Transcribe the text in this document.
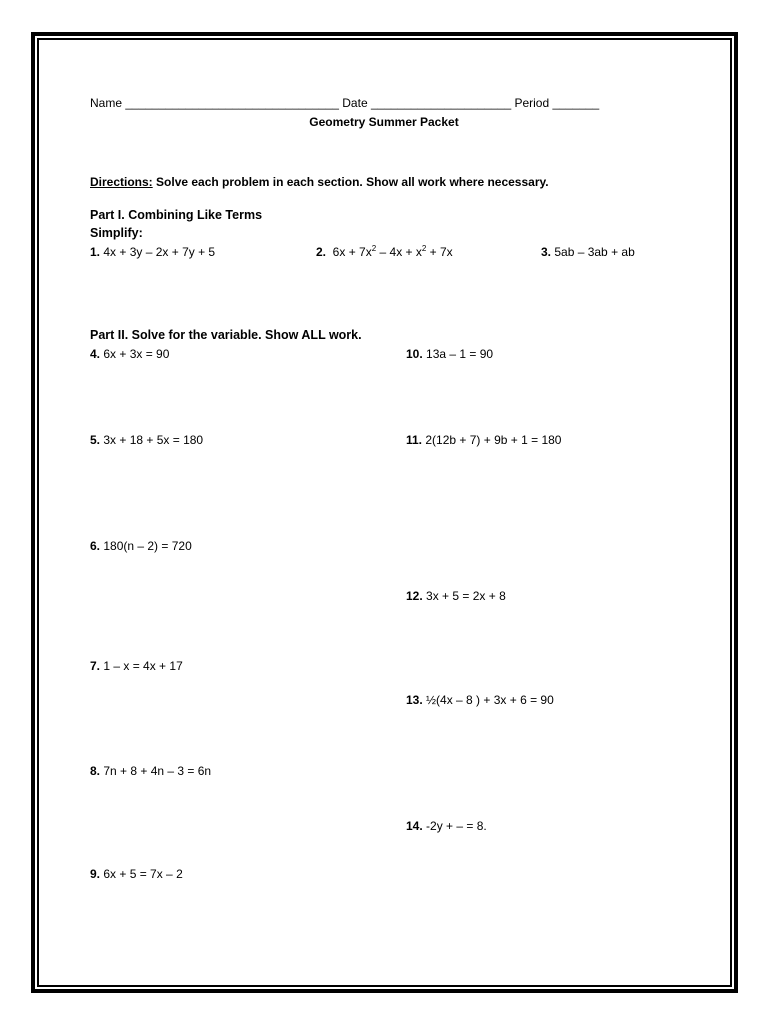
Name ________________________________ Date _____________________ Period _______
Geometry Summer Packet
Directions: Solve each problem in each section. Show all work where necessary.
Part I. Combining Like Terms
Simplify:
1. 4x + 3y – 2x + 7y + 5	2.  $6x + 7x^2 - 4x + x^2 + 7x$	3. 5ab – 3ab + ab
Part II. Solve for the variable. Show ALL work.
4. 6x + 3x = 90
5. 3x + 18 + 5x = 180
6. 180(n – 2) = 720
7. 1 – x = 4x + 17
8. 7n + 8 + 4n – 3 = 6n
9. 6x + 5 = 7x – 2
10. 13a – 1 = 90
11. 2(12b + 7) + 9b + 1 = 180
12. 3x + 5 = 2x + 8
13. ½(4x – 8 ) + 3x + 6 = 90
14. -2y + – = 8.
